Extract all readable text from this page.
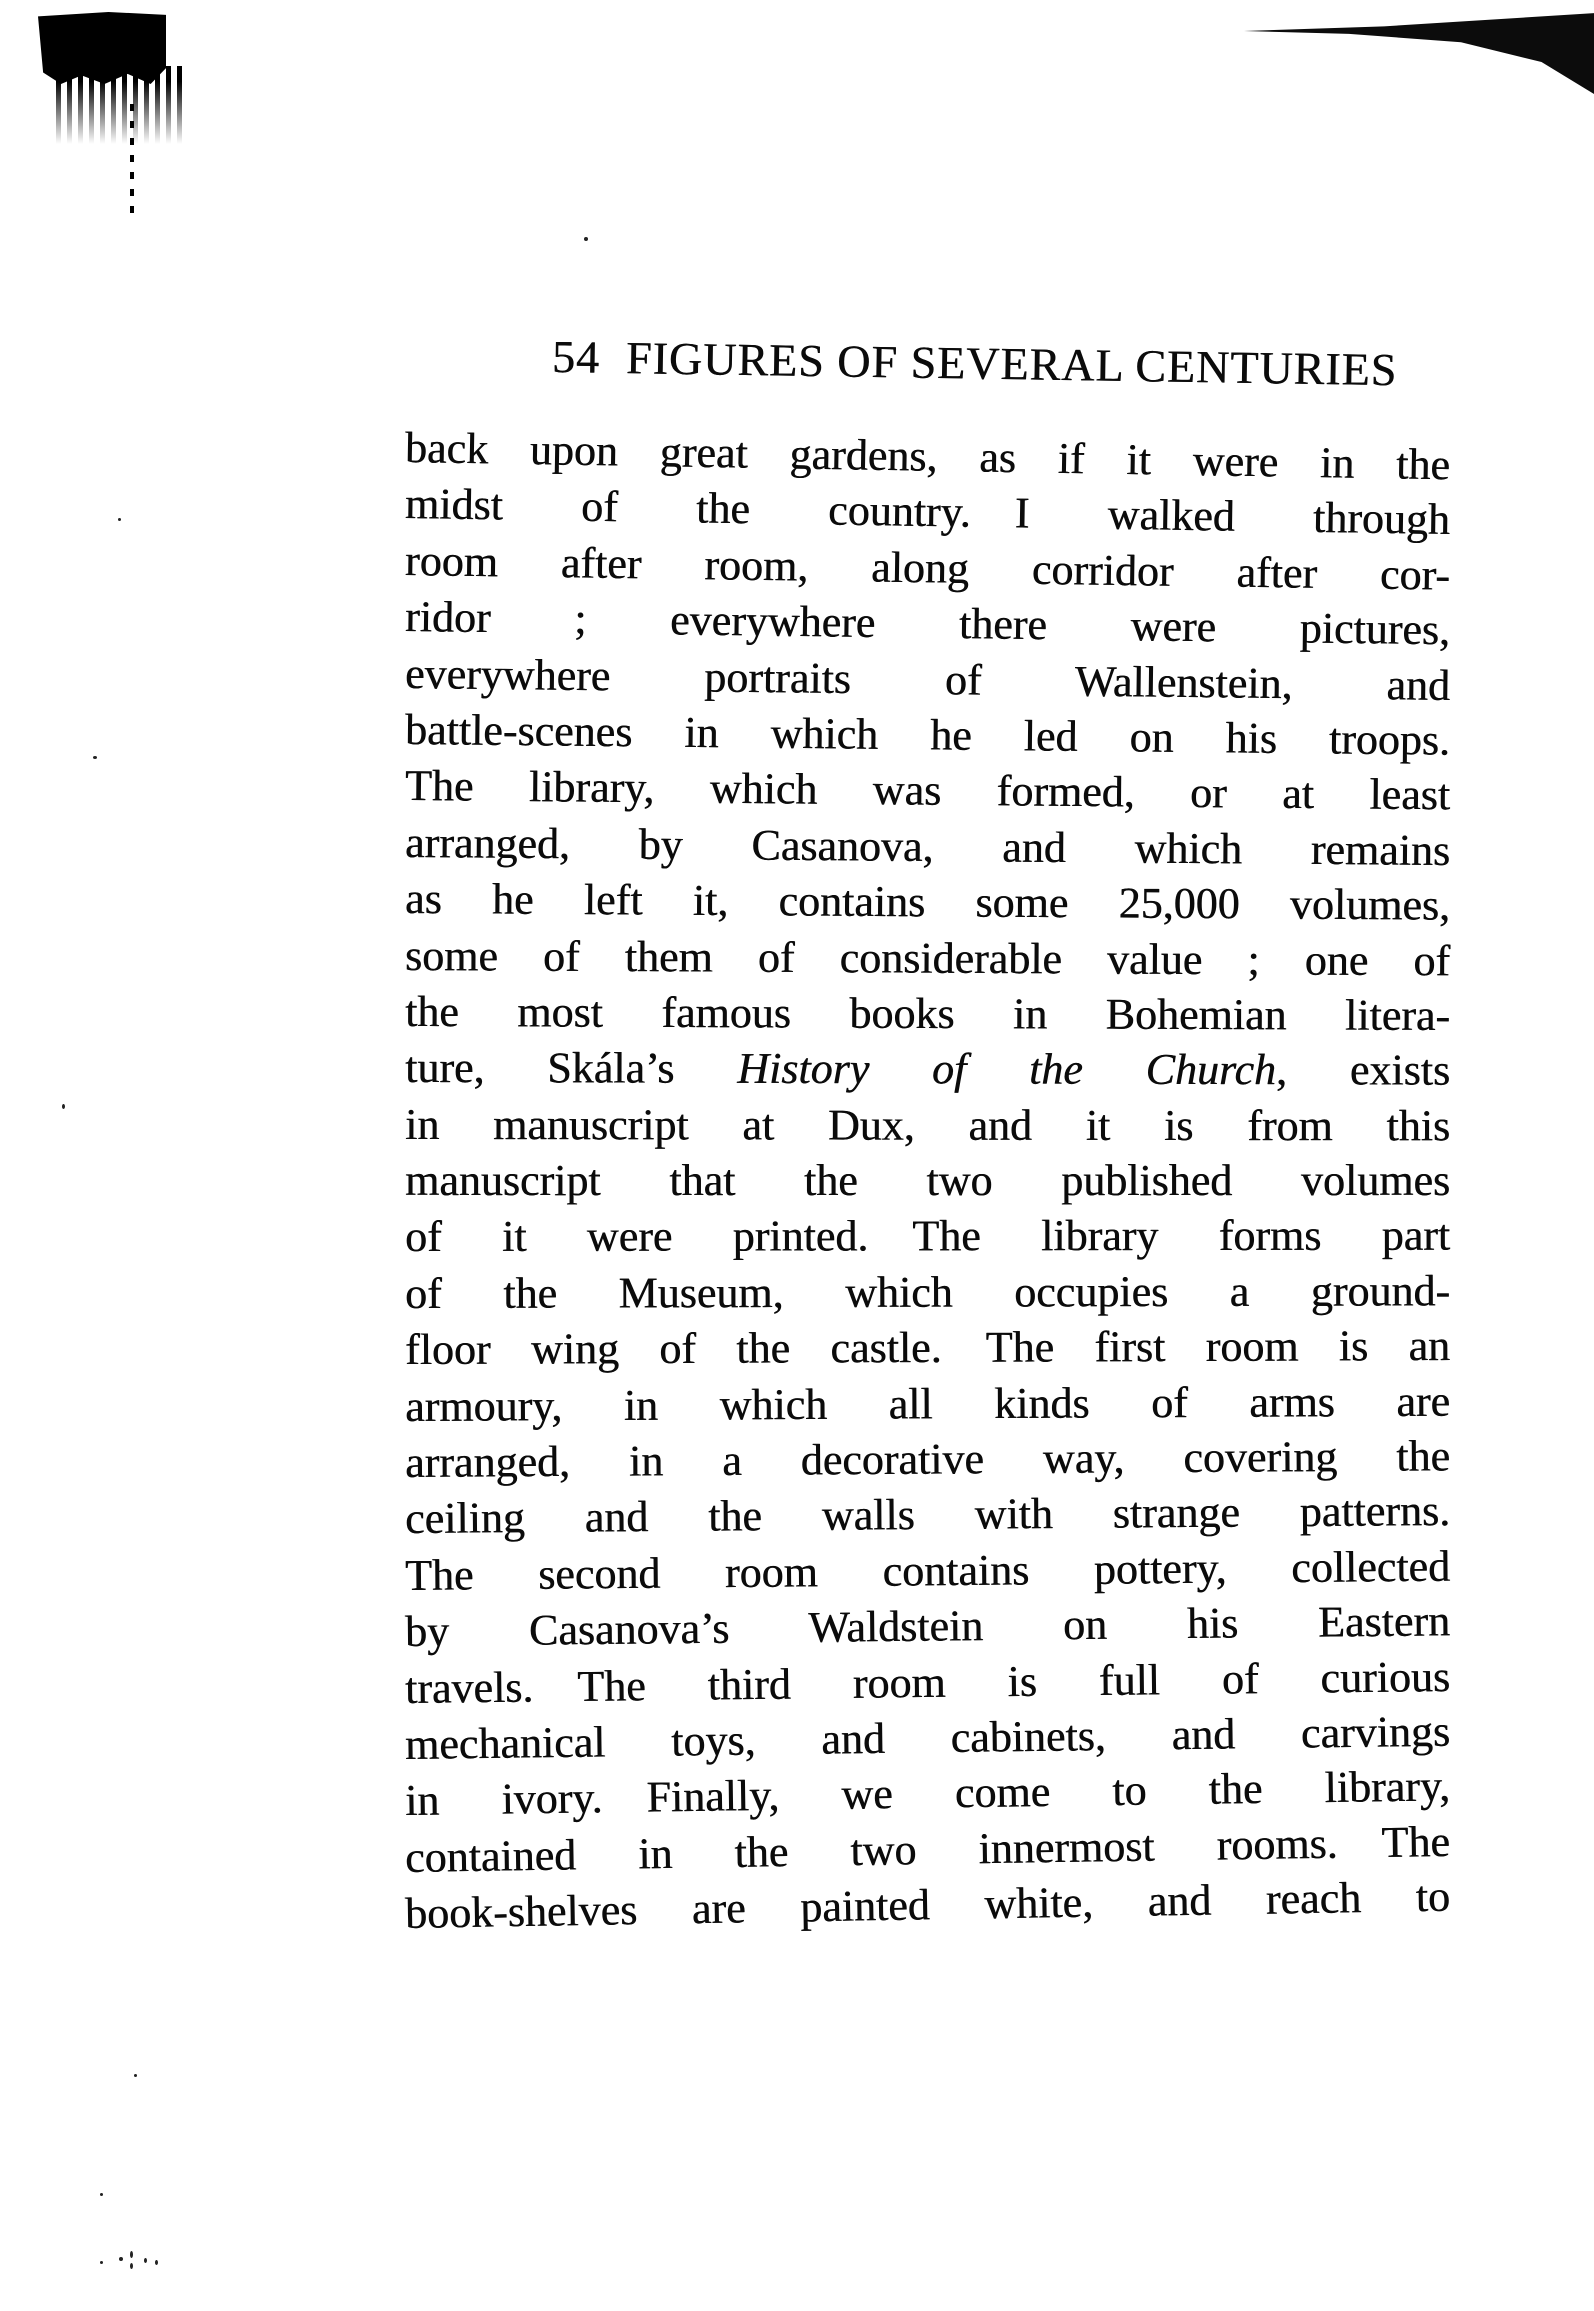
54 FIGURES OF SEVERAL CENTURIES
back upon great gardens, as if it were in the
midst of the country. I walked through
room after room, along corridor after cor-
ridor ; everywhere there were pictures,
everywhere portraits of Wallenstein, and
battle-scenes in which he led on his troops.
The library, which was formed, or at least
arranged, by Casanova, and which remains
as he left it, contains some 25,000 volumes,
some of them of considerable value ; one of
the most famous books in Bohemian litera-
ture, Skála’s History of the Church, exists
in manuscript at Dux, and it is from this
manuscript that the two published volumes
of it were printed. The library forms part
of the Museum, which occupies a ground-
floor wing of the castle. The first room is an
armoury, in which all kinds of arms are
arranged, in a decorative way, covering the
ceiling and the walls with strange patterns.
The second room contains pottery, collected
by Casanova’s Waldstein on his Eastern
travels. The third room is full of curious
mechanical toys, and cabinets, and carvings
in ivory. Finally, we come to the library,
contained in the two innermost rooms. The
book-shelves are painted white, and reach to
